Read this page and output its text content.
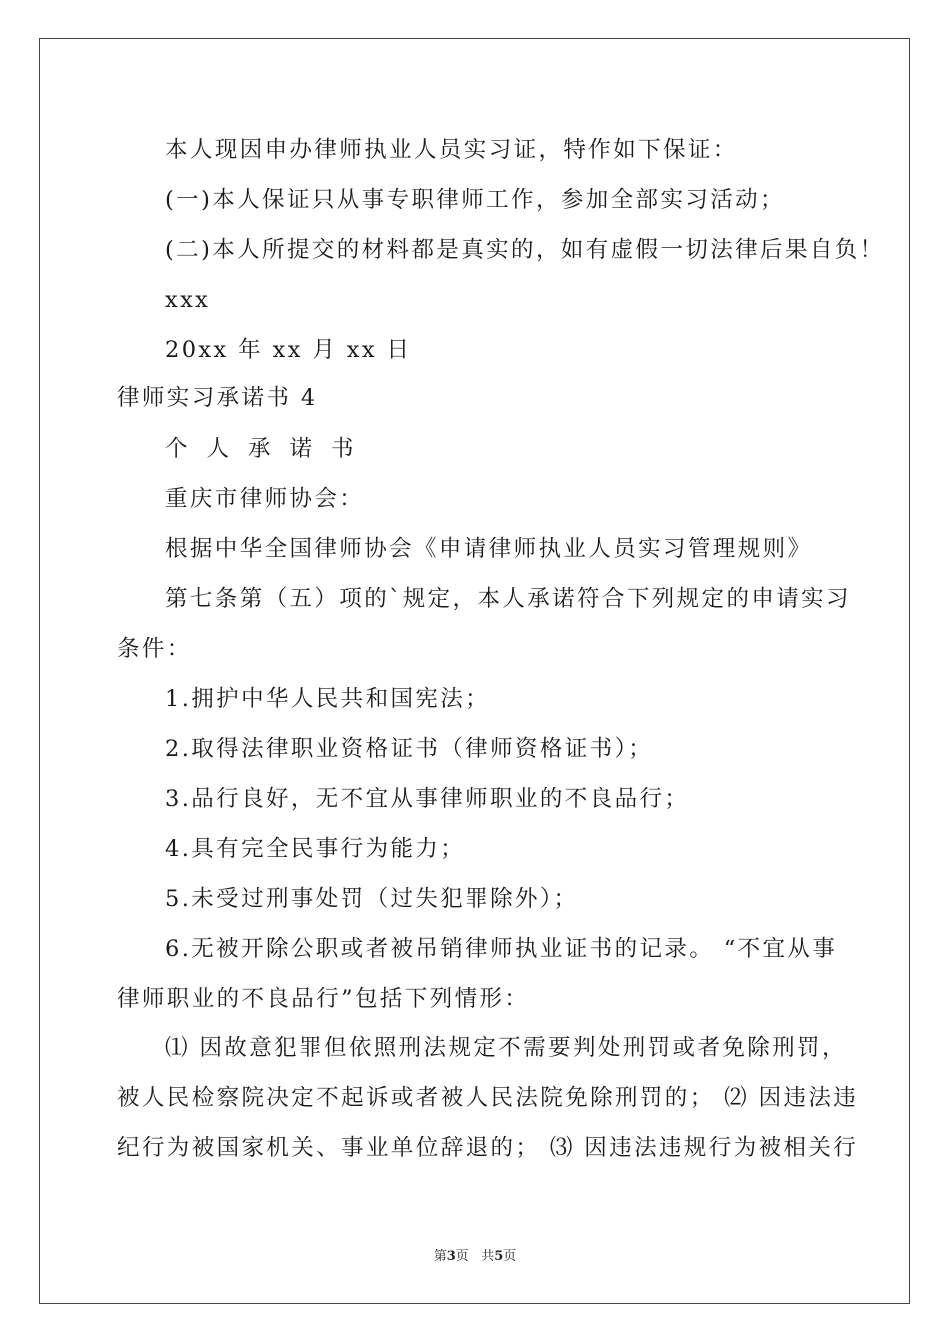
本人现因申办律师执业人员实习证，特作如下保证：
(一)本人保证只从事专职律师工作，参加全部实习活动；
(二)本人所提交的材料都是真实的，如有虚假一切法律后果自负！
xxx
20xx 年 xx 月 xx 日
律师实习承诺书 4
个人承诺书
重庆市律师协会：
根据中华全国律师协会《申请律师执业人员实习管理规则》
第七条第（五）项的`规定，本人承诺符合下列规定的申请实习
条件：
1.拥护中华人民共和国宪法；
2.取得法律职业资格证书（律师资格证书）；
3.品行良好，无不宜从事律师职业的不良品行；
4.具有完全民事行为能力；
5.未受过刑事处罚（过失犯罪除外）；
6.无被开除公职或者被吊销律师执业证书的记录。 “不宜从事
律师职业的不良品行”包括下列情形：
⑴ 因故意犯罪但依照刑法规定不需要判处刑罚或者免除刑罚，
被人民检察院决定不起诉或者被人民法院免除刑罚的； ⑵ 因违法违
纪行为被国家机关、事业单位辞退的； ⑶ 因违法违规行为被相关行
第3页   共5页
